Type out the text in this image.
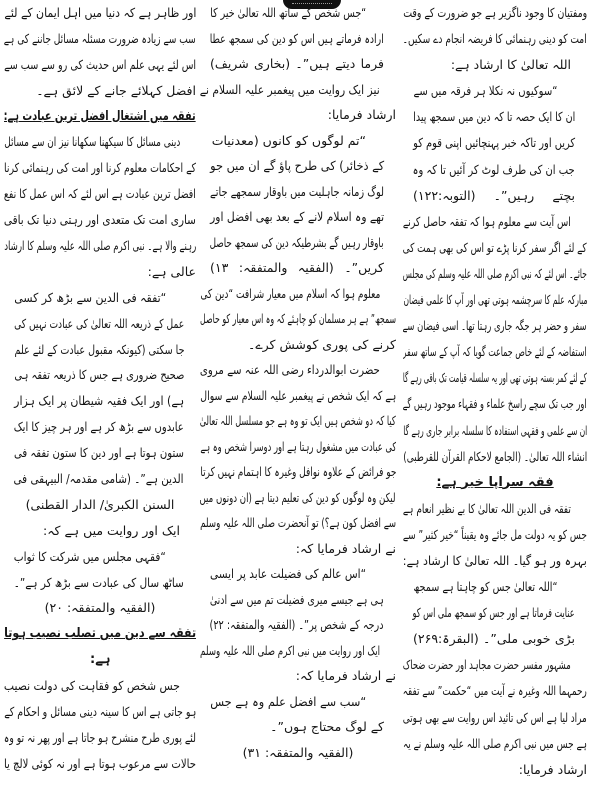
ومفتیان کا وجود ناگزیر ہے جو ضرورت کے وقت
امت کو دینی رہنمائی کا فریضہ انجام دے سکیں۔
اللہ تعالیٰ کا ارشاد ہے:
“سوکیوں نہ نکلا ہر فرقہ میں سے
ان کا ایک حصہ تا کہ دین میں سمجھ پیدا
کریں اور تاکہ خبر پہنچائیں اپنی قوم کو
جب ان کی طرف لوٹ کر آئیں تا کہ وہ
بچتے رہیں”۔ (التوبہ:۱۲۲)
اس آیت سے معلوم ہوا کہ تفقہ حاصل کرنے
کے لئے اگر سفر کرنا پڑے تو اس کی بھی ہمت کی
جائے۔ اس لئے کہ نبی اکرم صلی اللہ علیہ وسلم کی مجلس
مبارکہ علم کا سرچشمہ ہوتی تھی اور آپ کا علمی فیضان
سفر و حضر ہر جگہ جاری رہتا تھا۔ اسی فیضان سے
استفاضہ کے لئے خاص جماعت گویا کہ آپ کے ساتھ سفر
کے لئے کمر بستہ ہوتی تھی اور یہ سلسلہ قیامت تک باقی رہے گا
اور جب تک سچے راسخ علماء و فقہاء موجود رہیں گے
ان سے علمی و فقہی استفادہ کا سلسلہ برابر جاری رہے گا
انشاء اللہ تعالیٰ۔ (الجامع لاحکام القرآن للقرطبی)
فقہ سراپا خیر ہے:
تفقہ فی الدین اللہ تعالیٰ کا بے نظیر انعام ہے
جس کو یہ دولت مل جائے وہ یقیناً “خیر کثیر” سے
بہرہ ور ہو گیا۔ اللہ تعالیٰ کا ارشاد ہے:
“اللہ تعالیٰ جس کو چاہتا ہے سمجھ
عنایت فرماتا ہے اور جس کو سمجھ ملی اس کو
بڑی خوبی ملی”۔ (البقرۃ:۲۶۹)
مشہور مفسر حضرت مجاہد اور حضرت ضحاک
رحمہما اللہ وغیرہ نے آیت میں “حکمت” سے تفقہ
مراد لیا ہے اس کی تائید اس روایت سے بھی ہوتی
ہے جس میں نبی اکرم صلی اللہ علیہ وسلم نے یہ
ارشاد فرمایا:
“جس شخص کے ساتھ اللہ تعالیٰ خیر کا
ارادہ فرماتے ہیں اس کو دین کی سمجھ عطا
فرما دیتے ہیں”۔ (بخاری شریف)
نیز ایک روایت میں پیغمبر علیہ السلام نے
ارشاد فرمایا:
“تم لوگوں کو کانوں (معدنیات
کے ذخائر) کی طرح پاؤ گے ان میں جو
لوگ زمانہ جاہلیت میں باوقار سمجھے جاتے
تھے وہ اسلام لانے کے بعد بھی افضل اور
باوقار رہیں گے بشرطیکہ دین کی سمجھ حاصل
کریں”۔ (الفقیہ والمتفقہ: ۱۳)
معلوم ہوا کہ اسلام میں معیار شرافت “دین کی
سمجھ” ہے ہر مسلمان کو چاہئے کہ وہ اس معیار کو حاصل
کرنے کی پوری کوشش کرے۔
حضرت ابوالدرداء رضی اللہ عنہ سے مروی
ہے کہ ایک شخص نے پیغمبر علیہ السلام سے سوال
کیا کہ دو شخص ہیں ایک تو وہ ہے جو مسلسل اللہ تعالیٰ
کی عبادت میں مشغول رہتا ہے اور دوسرا شخص وہ ہے
جو فرائض کے علاوہ نوافل وغیرہ کا اہتمام نہیں کرتا
لیکن وہ لوگوں کو دین کی تعلیم دیتا ہے (ان دونوں میں
سے افضل کون ہے؟) تو آنحضرت صلی اللہ علیہ وسلم
نے ارشاد فرمایا کہ:
“اس عالم کی فضیلت عابد پر ایسی
ہی ہے جیسے میری فضیلت تم میں سے ادنیٰ
درجہ کے شخص پر”۔ (الفقیہ والمتفقہ: ۲۲)
ایک اور روایت میں نبی اکرم صلی اللہ علیہ وسلم
نے ارشاد فرمایا کہ:
“سب سے افضل علم وہ ہے جس
کے لوگ محتاج ہوں”۔
(الفقیہ والمتفقہ: ۳۱)
اور ظاہر ہے کہ دنیا میں اہل ایمان کے لئے
سب سے زیادہ ضرورت مسئلہ مسائل جاننے کی ہے
اس لئے یہی علم اس حدیث کی رو سے سب سے
افضل کہلائے جانے کے لائق ہے۔
تفقہ میں اشتغال افضل ترین عبادت ہے:
دینی مسائل کا سیکھنا سکھانا نیز ان سے مسائل
کے احکامات معلوم کرنا اور امت کی رہنمائی کرنا
افضل ترین عبادت ہے اس لئے کہ اس عمل کا نفع
ساری امت تک متعدی اور رہتی دنیا تک باقی
رہنے والا ہے۔ نبی اکرم صلی اللہ علیہ وسلم کا ارشاد
عالی ہے:
“تفقہ فی الدین سے بڑھ کر کسی
عمل کے ذریعہ اللہ تعالیٰ کی عبادت نہیں کی
جا سکتی (کیونکہ مقبول عبادت کے لئے علم
صحیح ضروری ہے جس کا ذریعہ تفقہ ہی
ہے) اور ایک فقیہ شیطان پر ایک ہزار
عابدوں سے بڑھ کر ہے اور ہر چیز کا ایک
ستون ہوتا ہے اور دین کا ستون تفقہ فی
الدین ہے”۔ (شامی مقدمہ/ البیہقی فی
السنن الکبریٰ/ الدار القطنی)
ایک اور روایت میں ہے کہ:
“فقہی مجلس میں شرکت کا ثواب
ساٹھ سال کی عبادت سے بڑھ کر ہے”۔
(الفقیہ والمتفقہ: ۲۰)
تفقہ سے دین میں تصلب نصیب ہوتا
ہے:
جس شخص کو فقاہت کی دولت نصیب
ہو جاتی ہے اس کا سینہ دینی مسائل و احکام کے
لئے پوری طرح منشرح ہو جاتا ہے اور پھر نہ تو وہ
حالات سے مرعوب ہوتا ہے اور نہ کوئی لالچ یا
